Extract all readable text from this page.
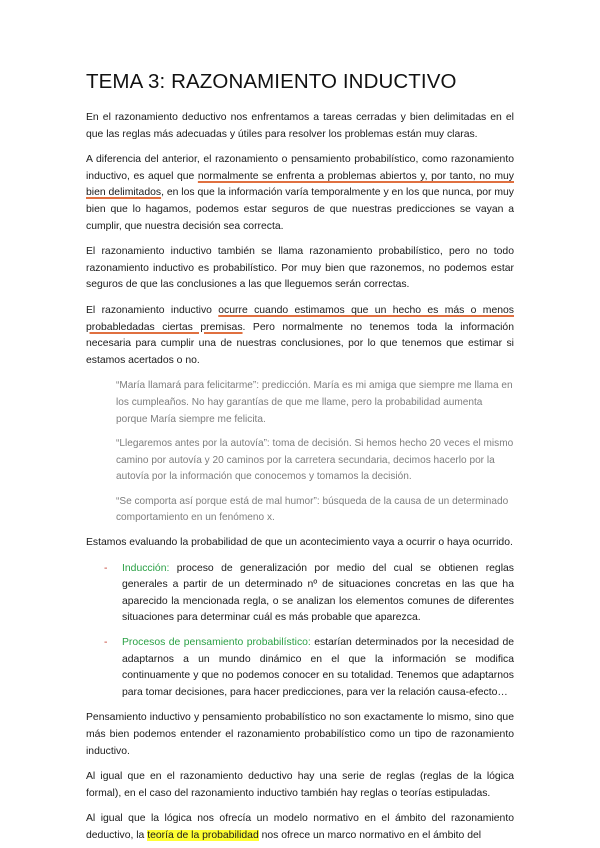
TEMA 3: RAZONAMIENTO INDUCTIVO

En el razonamiento deductivo nos enfrentamos a tareas cerradas y bien delimitadas en el que las reglas más adecuadas y útiles para resolver los problemas están muy claras.

A diferencia del anterior, el razonamiento o pensamiento probabilístico, como razonamiento inductivo, es aquel que normalmente se enfrenta a problemas abiertos y, por tanto, no muy bien delimitados, en los que la información varía temporalmente y en los que nunca, por muy bien que lo hagamos, podemos estar seguros de que nuestras predicciones se vayan a cumplir, que nuestra decisión sea correcta.

El razonamiento inductivo también se llama razonamiento probabilístico, pero no todo razonamiento inductivo es probabilístico. Por muy bien que razonemos, no podemos estar seguros de que las conclusiones a las que lleguemos serán correctas.

El razonamiento inductivo ocurre cuando estimamos que un hecho es más o menos probabledadas ciertas premisas. Pero normalmente no tenemos toda la información necesaria para cumplir una de nuestras conclusiones, por lo que tenemos que estimar si estamos acertados o no.

“María llamará para felicitarme”: predicción. María es mi amiga que siempre me llama en los cumpleaños. No hay garantías de que me llame, pero la probabilidad aumenta porque María siempre me felicita.

“Llegaremos antes por la autovía”: toma de decisión. Si hemos hecho 20 veces el mismo camino por autovía y 20 caminos por la carretera secundaria, decimos hacerlo por la autovía por la información que conocemos y tomamos la decisión.

“Se comporta así porque está de mal humor”: búsqueda de la causa de un determinado comportamiento en un fenómeno x.

Estamos evaluando la probabilidad de que un acontecimiento vaya a ocurrir o haya ocurrido.

- Inducción: proceso de generalización por medio del cual se obtienen reglas generales a partir de un determinado nº de situaciones concretas en las que ha aparecido la mencionada regla, o se analizan los elementos comunes de diferentes situaciones para determinar cuál es más probable que aparezca.
- Procesos de pensamiento probabilístico: estarían determinados por la necesidad de adaptarnos a un mundo dinámico en el que la información se modifica continuamente y que no podemos conocer en su totalidad. Tenemos que adaptarnos para tomar decisiones, para hacer predicciones, para ver la relación causa-efecto…

Pensamiento inductivo y pensamiento probabilístico no son exactamente lo mismo, sino que más bien podemos entender el razonamiento probabilístico como un tipo de razonamiento inductivo.

Al igual que en el razonamiento deductivo hay una serie de reglas (reglas de la lógica formal), en el caso del razonamiento inductivo también hay reglas o teorías estipuladas.

Al igual que la lógica nos ofrecía un modelo normativo en el ámbito del razonamiento deductivo, la teoría de la probabilidad nos ofrece un marco normativo en el ámbito del
